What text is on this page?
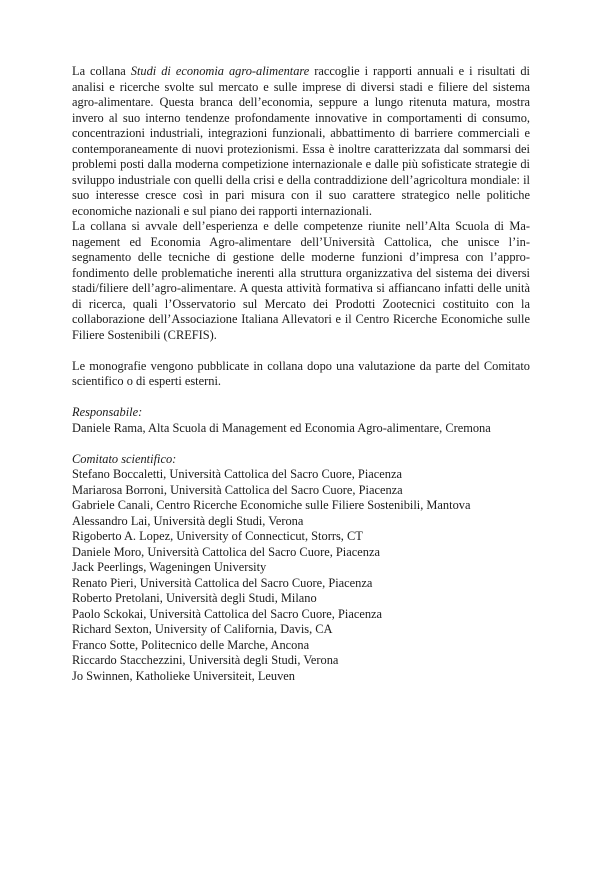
La collana Studi di economia agro-alimentare raccoglie i rapporti annuali e i risultati di analisi e ricerche svolte sul mercato e sulle imprese di diversi stadi e filiere del sistema agro-alimentare. Questa branca dell’economia, seppure a lungo ritenuta matura, mostra invero al suo interno tendenze profondamente innovative in comportamenti di consumo, concentrazioni industriali, integrazioni funzionali, abbattimento di barriere commerciali e contemporaneamente di nuovi protezionismi. Essa è inoltre caratterizzata dal sommarsi dei problemi posti dalla moderna competizione internazionale e dalle più sofisticate strategie di sviluppo industriale con quelli della crisi e della contraddizione dell’agricoltura mondiale: il suo interesse cresce così in pari misura con il suo carattere strategico nelle politiche economiche nazionali e sul piano dei rapporti internazionali.

La collana si avvale dell’esperienza e delle competenze riunite nell’Alta Scuola di Management ed Economia Agro-alimentare dell’Università Cattolica, che unisce l’insegnamento delle tecniche di gestione delle moderne funzioni d’impresa con l’approfondimento delle problematiche inerenti alla struttura organizzativa del sistema dei diversi stadi/filiere dell’agro-alimentare. A questa attività formativa si affiancano infatti delle unità di ricerca, quali l’Osservatorio sul Mercato dei Prodotti Zootecnici costituito con la collaborazione dell’Associazione Italiana Allevatori e il Centro Ricerche Economiche sulle Filiere Sostenibili (CREFIS).

Le monografie vengono pubblicate in collana dopo una valutazione da parte del Comitato scientifico o di esperti esterni.

Responsabile:

Daniele Rama, Alta Scuola di Management ed Economia Agro-alimentare, Cremona

Comitato scientifico:

Stefano Boccaletti, Università Cattolica del Sacro Cuore, Piacenza
Mariarosa Borroni, Università Cattolica del Sacro Cuore, Piacenza
Gabriele Canali, Centro Ricerche Economiche sulle Filiere Sostenibili, Mantova
Alessandro Lai, Università degli Studi, Verona
Rigoberto A. Lopez, University of Connecticut, Storrs, CT
Daniele Moro, Università Cattolica del Sacro Cuore, Piacenza
Jack Peerlings, Wageningen University
Renato Pieri, Università Cattolica del Sacro Cuore, Piacenza
Roberto Pretolani, Università degli Studi, Milano
Paolo Sckokai, Università Cattolica del Sacro Cuore, Piacenza
Richard Sexton, University of California, Davis, CA
Franco Sotte, Politecnico delle Marche, Ancona
Riccardo Stacchezzini, Università degli Studi, Verona
Jo Swinnen, Katholieke Universiteit, Leuven
